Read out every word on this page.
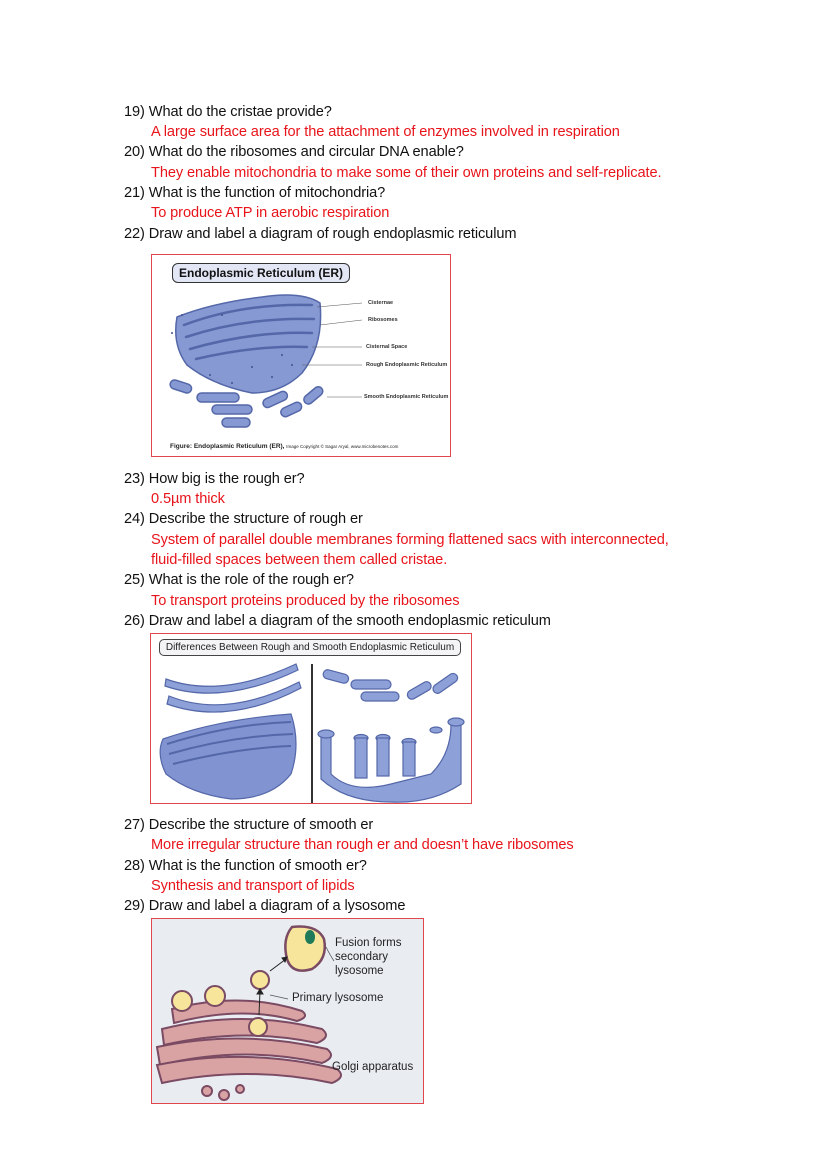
19) What do the cristae provide?
A large surface area for the attachment of enzymes involved in respiration
20) What do the ribosomes and circular DNA enable?
They enable mitochondria to make some of their own proteins and self-replicate.
21) What is the function of mitochondria?
To produce ATP in aerobic respiration
22) Draw and label a diagram of rough endoplasmic reticulum
Endoplasmic Reticulum (ER)
Cisternae
Ribosomes
Cisternal Space
Rough Endoplasmic Reticulum
Smooth Endoplasmic Reticulum
Figure: Endoplasmic Reticulum (ER), Image Copyright © Sagar Aryal, www.microbenotes.com
23) How big is the rough er?
0.5µm thick
24) Describe the structure of rough er
System of parallel double membranes forming flattened sacs with interconnected,
fluid-filled spaces between them called cristae.
25) What is the role of the rough er?
To transport proteins produced by the ribosomes
26) Draw and label a diagram of the smooth endoplasmic reticulum
Differences Between Rough and Smooth Endoplasmic Reticulum
27) Describe the structure of smooth er
More irregular structure than rough er and doesn’t have ribosomes
28) What is the function of smooth er?
Synthesis and transport of lipids
29) Draw and label a diagram of a lysosome
Fusion forms
secondary
lysosome
Primary lysosome
Golgi apparatus
